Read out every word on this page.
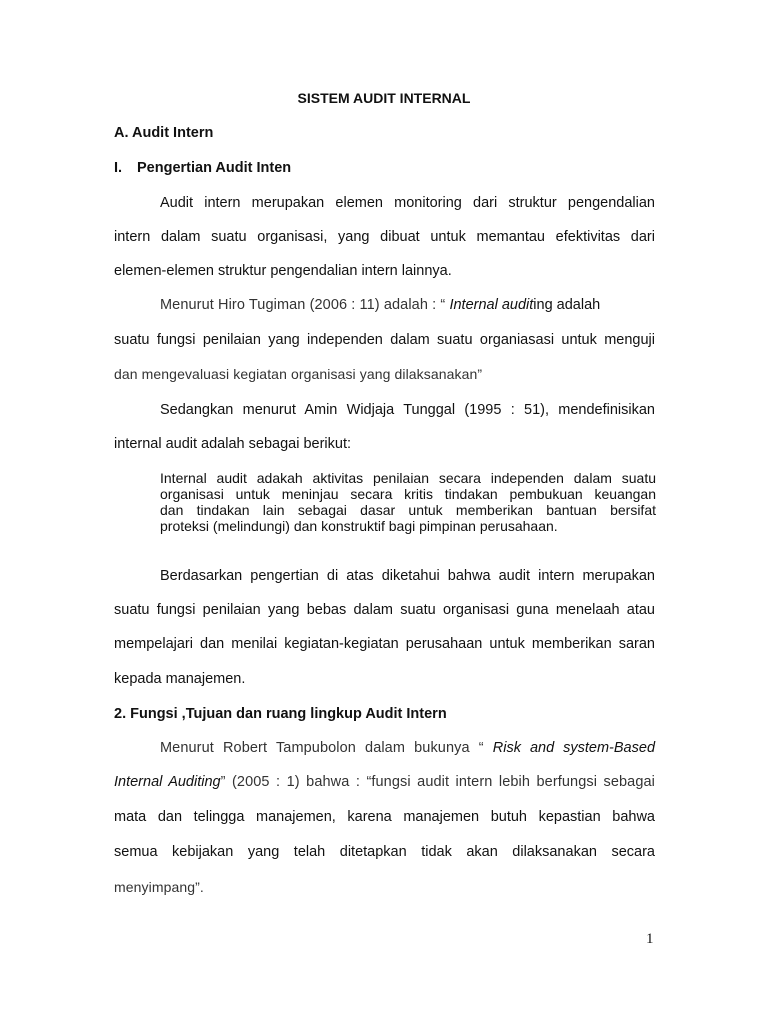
SISTEM AUDIT INTERNAL

A. Audit Intern

I. Pengertian Audit Inten

Audit intern merupakan elemen monitoring dari struktur pengendalian

intern dalam suatu organisasi, yang dibuat untuk memantau efektivitas dari

elemen-elemen struktur pengendalian intern lainnya.

Menurut Hiro Tugiman (2006 : 11) adalah : “ Internal auditing adalah

suatu fungsi penilaian yang independen dalam suatu organiasasi untuk menguji

dan mengevaluasi kegiatan organisasi yang dilaksanakan”

Sedangkan menurut Amin Widjaja Tunggal (1995 : 51), mendefinisikan

internal audit adalah sebagai berikut:

Internal audit adakah aktivitas penilaian secara independen dalam suatu
organisasi untuk meninjau secara kritis tindakan pembukuan keuangan
dan tindakan lain sebagai dasar untuk memberikan bantuan bersifat
proteksi (melindungi) dan konstruktif bagi pimpinan perusahaan.

Berdasarkan pengertian di atas diketahui bahwa audit intern merupakan

suatu fungsi penilaian yang bebas dalam suatu organisasi guna menelaah atau

mempelajari dan menilai kegiatan-kegiatan perusahaan untuk memberikan saran

kepada manajemen.

2. Fungsi ,Tujuan dan ruang lingkup Audit Intern

Menurut Robert Tampubolon dalam bukunya “ Risk and system-Based

Internal Auditing” (2005 : 1) bahwa : “fungsi audit intern lebih berfungsi sebagai

mata dan telingga manajemen, karena manajemen butuh kepastian bahwa

semua kebijakan yang telah ditetapkan tidak akan dilaksanakan secara

menyimpang”.

1
